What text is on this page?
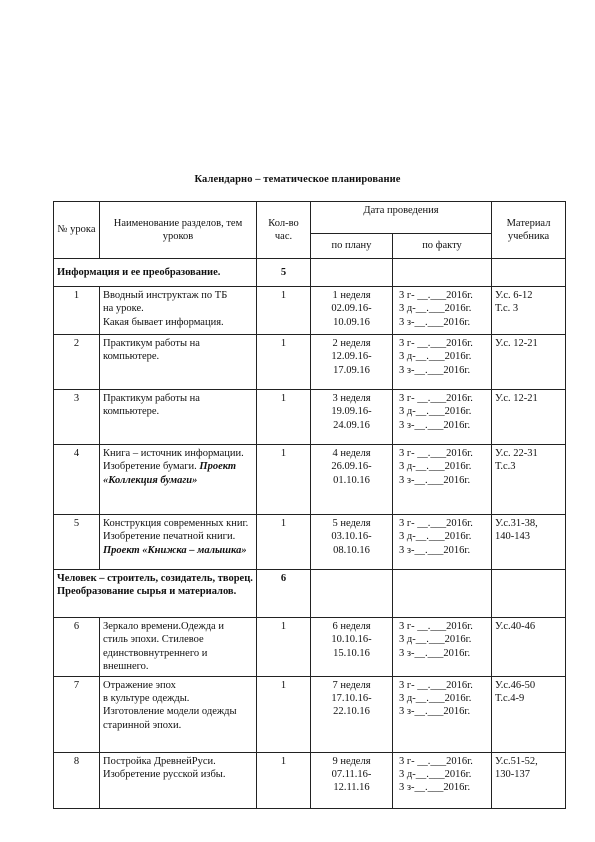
Календарно – тематическое планирование
№ урока	Наименование разделов, тем уроков	Кол-во час.	Дата проведения		Материал учебника
			по плану	по факту	
Информация и ее преобразование.		5			
1	Вводный инструктаж по ТБ
на уроке.
Какая бывает информация.	1	1 неделя
02.09.16-
10.09.16	3 г- __.___2016г.
3 д-__.___2016г.
3 з-__.___2016г.	У.с. 6-12
Т.с. 3

2	Практикум работы на
компьютере.	1	2 неделя
12.09.16-
17.09.16	3 г- __.___2016г.
3 д-__.___2016г.
3 з-__.___2016г.	У.с. 12-21

3	Практикум работы на
компьютере.	1	3 неделя
19.09.16-
24.09.16	3 г- __.___2016г.
3 д-__.___2016г.
3 з-__.___2016г.	У.с. 12-21

4	Книга – источник информации. Изобретение бумаги. Проект «Коллекция бумаги»	1	4 неделя
26.09.16-
01.10.16	3 г- __.___2016г.
3 д-__.___2016г.
3 з-__.___2016г.	У.с. 22-31
Т.с.3

5	Конструкция современных книг. Изобретение печатной книги. Проект «Книжка – малышка»	1	5 неделя
03.10.16-
08.10.16	3 г- __.___2016г.
3 д-__.___2016г.
3 з-__.___2016г.	У.с.31-38,
140-143

Человек – строитель, созидатель, творец. Преобразование сырья и материалов.		6			
6	Зеркало времени.Одежда и
стиль эпохи. Стилевое
единствовнутреннего и
внешнего.	1	6 неделя
10.10.16-
15.10.16	3 г- __.___2016г.
3 д-__.___2016г.
3 з-__.___2016г.	У.с.40-46

7	Отражение эпох
в культуре одежды.
Изготовление модели одежды
старинной эпохи.	1	7 неделя
17.10.16-
22.10.16	3 г- __.___2016г.
3 д-__.___2016г.
3 з-__.___2016г.	У.с.46-50
Т.с.4-9

8	Постройка ДревнейРуси.
Изобретение русской избы.	1	9 неделя
07.11.16-
12.11.16	3 г- __.___2016г.
3 д-__.___2016г.
3 з-__.___2016г.	У.с.51-52,
130-137
